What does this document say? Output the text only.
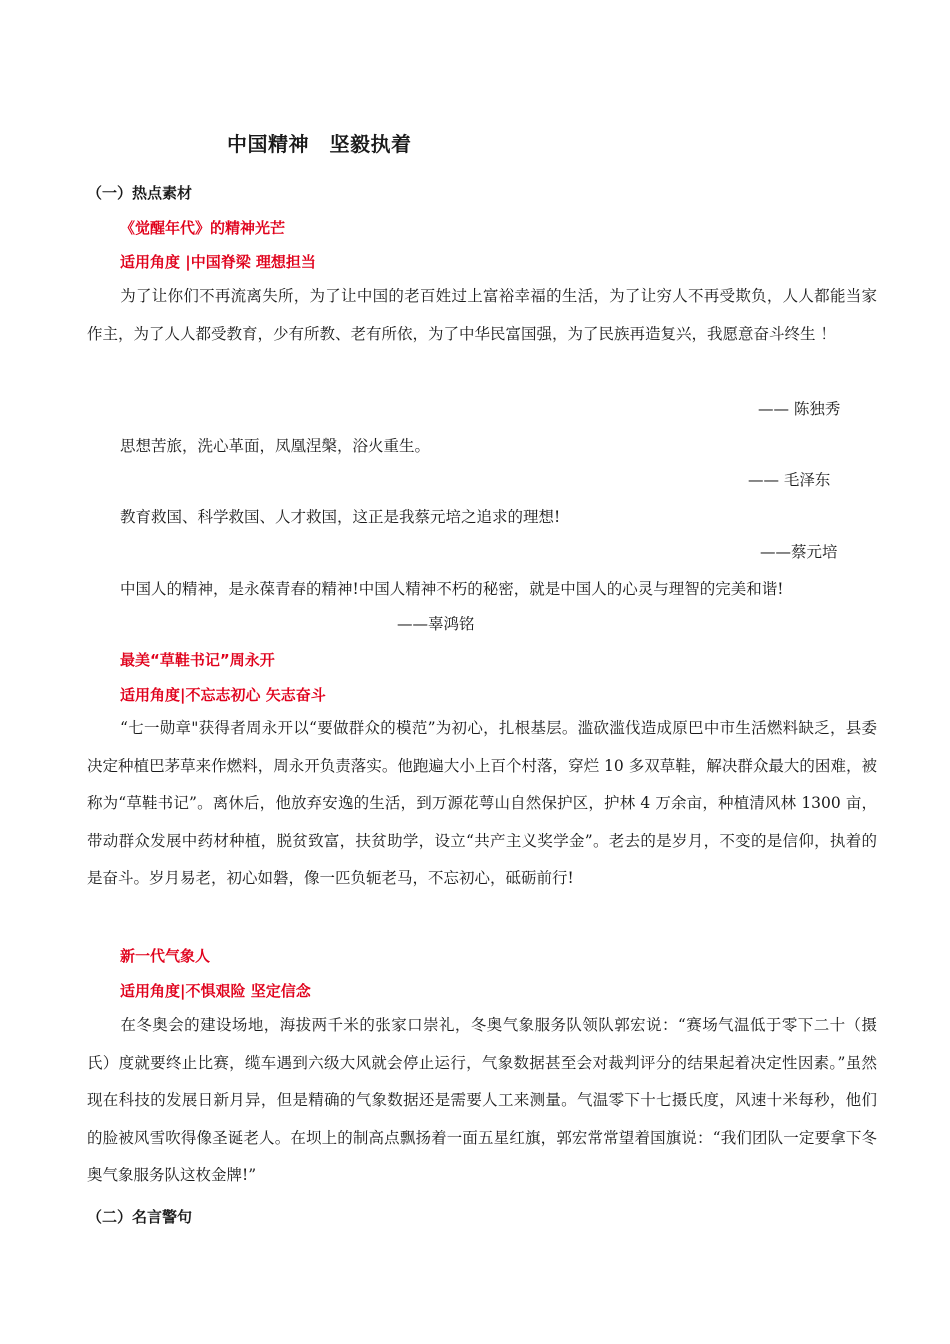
中国精神　坚毅执着
（一）热点素材
《觉醒年代》的精神光芒
适用角度 |中国脊梁 理想担当
为了让你们不再流离失所，为了让中国的老百姓过上富裕幸福的生活，为了让穷人不再受欺负，人人都能当家作主，为了人人都受教育，少有所教、老有所依，为了中华民富国强，为了民族再造复兴，我愿意奋斗终生 ！
—— 陈独秀
思想苦旅，洗心革面，凤凰涅槃，浴火重生。
—— 毛泽东
教育救国、科学救国、人才救国，这正是我蔡元培之追求的理想!
——蔡元培
中国人的精神，是永葆青春的精神!中国人精神不朽的秘密，就是中国人的心灵与理智的完美和谐!
——辜鸿铭
最美“草鞋书记”周永开
适用角度|不忘志初心 矢志奋斗
“七一勋章"获得者周永开以“要做群众的模范”为初心，扎根基层。滥砍滥伐造成原巴中市生活燃料缺乏，县委决定种植巴茅草来作燃料，周永开负责落实。他跑遍大小上百个村落，穿烂 10 多双草鞋，解决群众最大的困难，被称为“草鞋书记”。离休后，他放弃安逸的生活，到万源花萼山自然保护区，护林 4 万余亩，种植清风林 1300 亩，带动群众发展中药材种植，脱贫致富，扶贫助学，设立“共产主义奖学金”。老去的是岁月，不变的是信仰，执着的是奋斗。岁月易老，初心如磐，像一匹负轭老马，不忘初心，砥砺前行!
新一代气象人
适用角度|不惧艰险 坚定信念
在冬奥会的建设场地，海拔两千米的张家口崇礼，冬奥气象服务队领队郭宏说：“赛场气温低于零下二十（摄氏）度就要终止比赛，缆车遇到六级大风就会停止运行，气象数据甚至会对裁判评分的结果起着决定性因素。”虽然现在科技的发展日新月异，但是精确的气象数据还是需要人工来测量。气温零下十七摄氏度，风速十米每秒，他们的脸被风雪吹得像圣诞老人。在坝上的制高点飘扬着一面五星红旗，郭宏常常望着国旗说：“我们团队一定要拿下冬奥气象服务队这枚金牌!”
（二）名言警句
